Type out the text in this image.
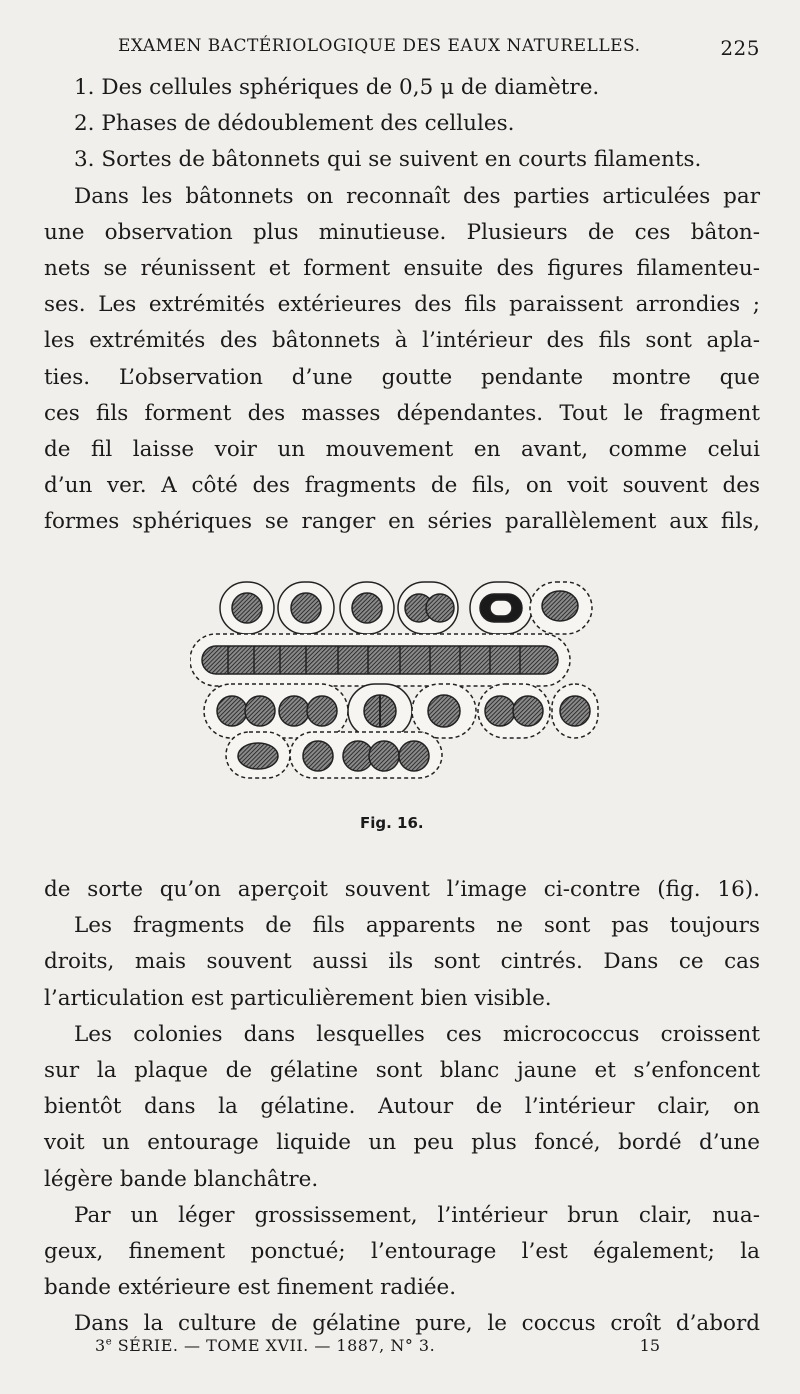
EXAMEN BACTÉRIOLOGIQUE DES EAUX NATURELLES.	225
1. Des cellules sphériques de 0,5 μ de diamètre.
2. Phases de dédoublement des cellules.
3. Sortes de bâtonnets qui se suivent en courts filaments.
Dans les bâtonnets on reconnaît des parties articulées par
une observation plus minutieuse. Plusieurs de ces bâton-
nets se réunissent et forment ensuite des figures filamenteu-
ses. Les extrémités extérieures des fils paraissent arrondies ;
les extrémités des bâtonnets à l’intérieur des fils sont apla-
ties. L’observation d’une goutte pendante montre que
ces fils forment des masses dépendantes. Tout le fragment
de fil laisse voir un mouvement en avant, comme celui
d’un ver. A côté des fragments de fils, on voit souvent des
formes sphériques se ranger en séries parallèlement aux fils,
Fig. 16.
de sorte qu’on aperçoit souvent l’image ci-contre (fig. 16).
Les fragments de fils apparents ne sont pas toujours
droits, mais souvent aussi ils sont cintrés. Dans ce cas
l’articulation est particulièrement bien visible.
Les colonies dans lesquelles ces micrococcus croissent
sur la plaque de gélatine sont blanc jaune et s’enfoncent
bientôt dans la gélatine. Autour de l’intérieur clair, on
voit un entourage liquide un peu plus foncé, bordé d’une
légère bande blanchâtre.
Par un léger grossissement, l’intérieur brun clair, nua-
geux, finement ponctué; l’entourage l’est également; la
bande extérieure est finement radiée.
Dans la culture de gélatine pure, le coccus croît d’abord
3e SÉRIE. — TOME XVII. — 1887, N° 3.	15
